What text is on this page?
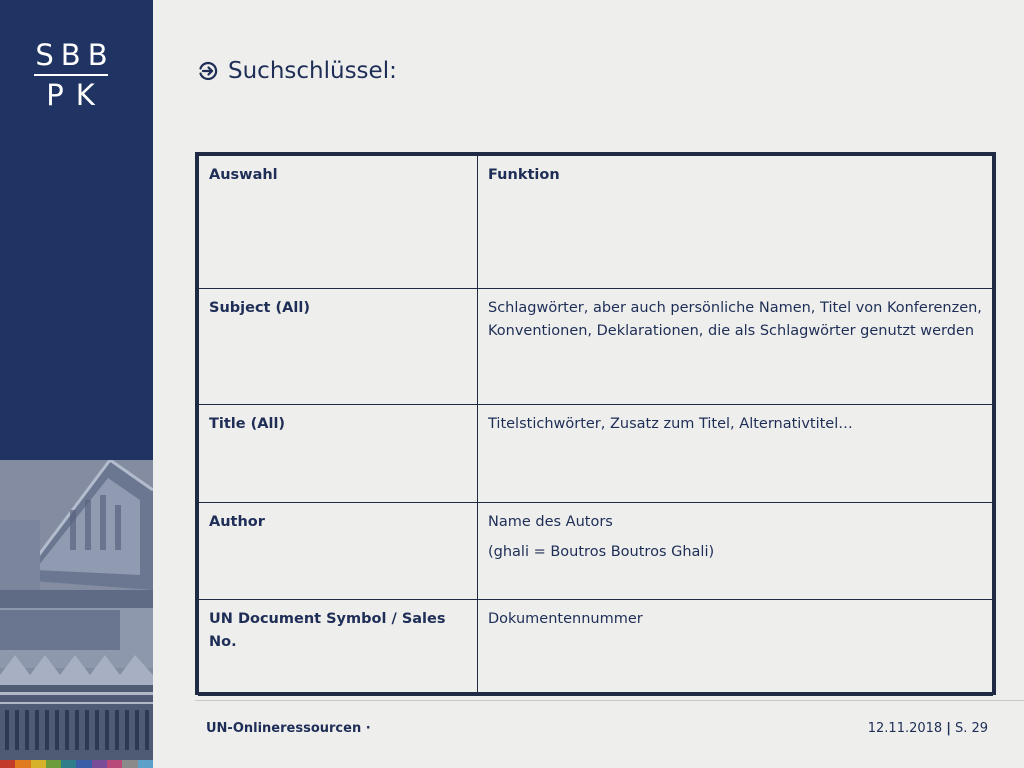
SBB
PK
Suchschlüssel:
Auswahl	Funktion
Subject (All)	Schlagwörter, aber auch persönliche Namen, Titel von Konferenzen, Konventionen, Deklarationen, die als Schlagwörter genutzt werden
Title (All)	Titelstichwörter, Zusatz zum Titel, Alternativtitel…
Author	Name des Autors
(ghali = Boutros Boutros Ghali)

UN Document Symbol / Sales No.	Dokumentennummer
UN-Onlineressourcen ·	12.11.2018 | S. 29
